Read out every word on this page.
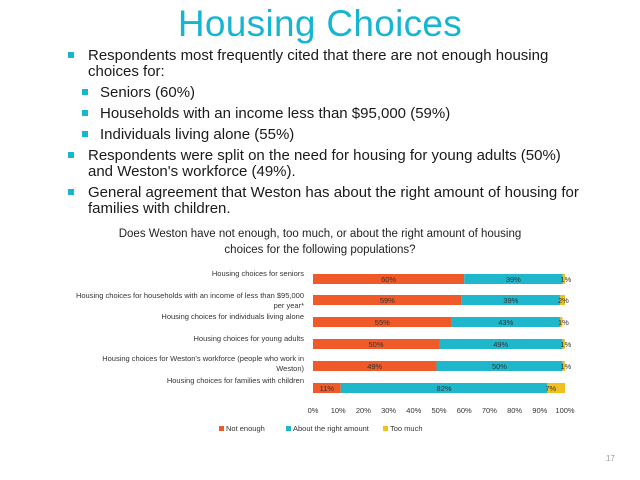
Housing Choices
Respondents most frequently cited that there are not enough housing choices for:
Seniors (60%)
Households with an income less than $95,000 (59%)
Individuals living alone (55%)
Respondents were split on the need for housing for young adults (50%) and Weston's workforce (49%).
General agreement that Weston has about the right amount of housing for families with children.
Does Weston have not enough, too much, or about the right amount of housing choices for the following populations?
Housing choices for seniors
Housing choices for households with an income of less than $95,000
per year*
Housing choices for individuals living alone
Housing choices for young adults
Housing choices for Weston's workforce (people who work in
Weston)
Housing choices for families with children
60%	39%	1%
59%	39%	2%
55%	43%	1%
50%	49%	1%
49%	50%	1%
11%	82%	7%
0% 10% 20% 30% 40% 50% 60% 70% 80% 90% 100%
Not enough	About the right amount	Too much
17
